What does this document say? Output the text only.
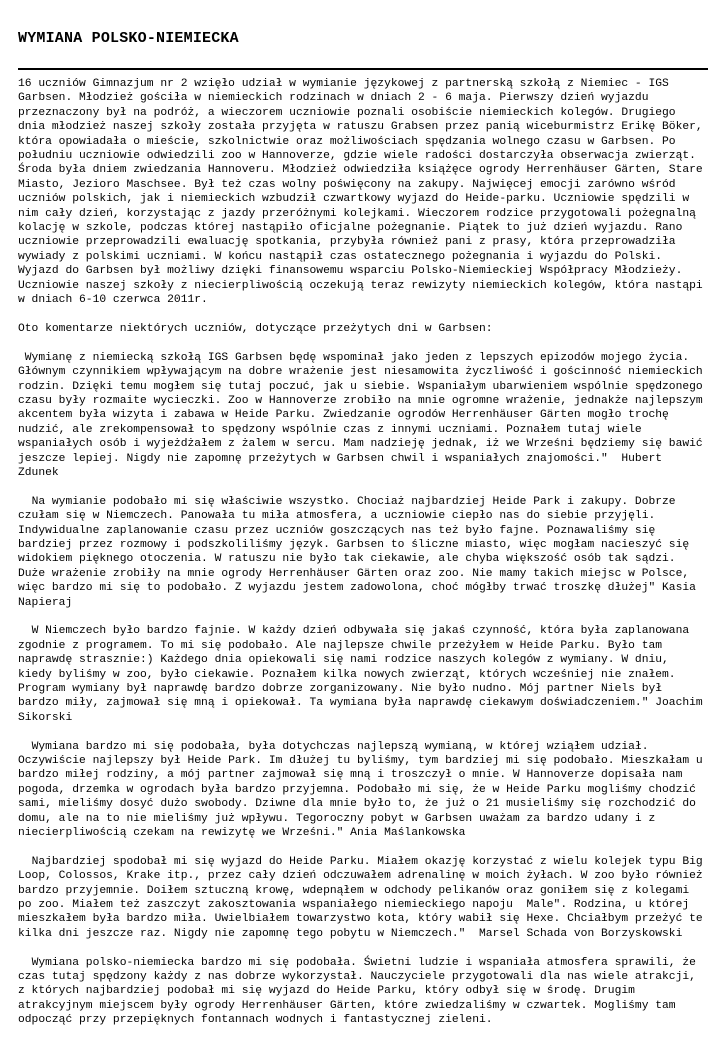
WYMIANA POLSKO-NIEMIECKA

16 uczniów Gimnazjum nr 2 wzięło udział w wymianie językowej z partnerską szkołą z Niemiec - IGS Garbsen. Młodzież gościła w niemieckich rodzinach w dniach 2 - 6 maja. Pierwszy dzień wyjazdu przeznaczony był na podróż, a wieczorem uczniowie poznali osobiście niemieckich kolegów. Drugiego dnia młodzież naszej szkoły została przyjęta w ratuszu Grabsen przez panią wiceburmistrz Erikę Böker, która opowiadała o mieście, szkolnictwie oraz możliwościach spędzania wolnego czasu w Garbsen. Po południu uczniowie odwiedzili zoo w Hannoverze, gdzie wiele radości dostarczyła obserwacja zwierząt. Środa była dniem zwiedzania Hannoveru. Młodzież odwiedziła książęce ogrody Herrenhäuser Gärten, Stare Miasto, Jezioro Maschsee. Był też czas wolny poświęcony na zakupy. Najwięcej emocji zarówno wśród uczniów polskich, jak i niemieckich wzbudził czwartkowy wyjazd do Heide-parku. Uczniowie spędzili w nim cały dzień, korzystając z jazdy przeróżnymi kolejkami. Wieczorem rodzice przygotowali pożegnalną kolację w szkole, podczas której nastąpiło oficjalne pożegnanie. Piątek to już dzień wyjazdu. Rano uczniowie przeprowadzili ewaluację spotkania, przybyła również pani z prasy, która przeprowadziła wywiady z polskimi uczniami. W końcu nastąpił czas ostatecznego pożegnania i wyjazdu do Polski. Wyjazd do Garbsen był możliwy dzięki finansowemu wsparciu Polsko-Niemieckiej Współpracy Młodzieży. Uczniowie naszej szkoły z niecierpliwością oczekują teraz rewizyty niemieckich kolegów, która nastąpi w dniach 6-10 czerwca 2011r.

Oto komentarze niektórych uczniów, dotyczące przeżytych dni w Garbsen:

Wymianę z niemiecką szkołą IGS Garbsen będę wspominał jako jeden z lepszych epizodów mojego życia. Głównym czynnikiem wpływającym na dobre wrażenie jest niesamowita życzliwość i gościnność niemieckich rodzin. Dzięki temu mogłem się tutaj poczuć, jak u siebie. Wspaniałym ubarwieniem wspólnie spędzonego czasu były rozmaite wycieczki. Zoo w Hannoverze zrobiło na mnie ogromne wrażenie, jednakże najlepszym akcentem była wizyta i zabawa w Heide Parku. Zwiedzanie ogrodów Herrenhäuser Gärten mogło trochę nudzić, ale zrekompensował to spędzony wspólnie czas z innymi uczniami. Poznałem tutaj wiele wspaniałych osób i wyjeżdżałem z żalem w sercu. Mam nadzieję jednak, iż we Wrześni będziemy się bawić jeszcze lepiej. Nigdy nie zapomnę przeżytych w Garbsen chwil i wspaniałych znajomości."  Hubert Zdunek

Na wymianie podobało mi się właściwie wszystko. Chociaż najbardziej Heide Park i zakupy. Dobrze czułam się w Niemczech. Panowała tu miła atmosfera, a uczniowie ciepło nas do siebie przyjęli. Indywidualne zaplanowanie czasu przez uczniów goszczących nas też było fajne. Poznawaliśmy się bardziej przez rozmowy i podszkoliliśmy język. Garbsen to śliczne miasto, więc mogłam nacieszyć się widokiem pięknego otoczenia. W ratuszu nie było tak ciekawie, ale chyba większość osób tak sądzi. Duże wrażenie zrobiły na mnie ogrody Herrenhäuser Gärten oraz zoo. Nie mamy takich miejsc w Polsce, więc bardzo mi się to podobało. Z wyjazdu jestem zadowolona, choć mógłby trwać troszkę dłużej" Kasia Napieraj

W Niemczech było bardzo fajnie. W każdy dzień odbywała się jakaś czynność, która była zaplanowana zgodnie z programem. To mi się podobało. Ale najlepsze chwile przeżyłem w Heide Parku. Było tam naprawdę strasznie:) Każdego dnia opiekowali się nami rodzice naszych kolegów z wymiany. W dniu, kiedy byliśmy w zoo, było ciekawie. Poznałem kilka nowych zwierząt, których wcześniej nie znałem. Program wymiany był naprawdę bardzo dobrze zorganizowany. Nie było nudno. Mój partner Niels był bardzo miły, zajmował się mną i opiekował. Ta wymiana była naprawdę ciekawym doświadczeniem." Joachim Sikorski

Wymiana bardzo mi się podobała, była dotychczas najlepszą wymianą, w której wziąłem udział. Oczywiście najlepszy był Heide Park. Im dłużej tu byliśmy, tym bardziej mi się podobało. Mieszkałam u bardzo miłej rodziny, a mój partner zajmował się mną i troszczył o mnie. W Hannoverze dopisała nam pogoda, drzemka w ogrodach była bardzo przyjemna. Podobało mi się, że w Heide Parku mogliśmy chodzić sami, mieliśmy dosyć dużo swobody. Dziwne dla mnie było to, że już o 21 musieliśmy się rozchodzić do domu, ale na to nie mieliśmy już wpływu. Tegoroczny pobyt w Garbsen uważam za bardzo udany i z niecierpliwością czekam na rewizytę we Wrześni." Ania Maślankowska

Najbardziej spodobał mi się wyjazd do Heide Parku. Miałem okazję korzystać z wielu kolejek typu Big Loop, Colossos, Krake itp., przez cały dzień odczuwałem adrenalinę w moich żyłach. W zoo było również bardzo przyjemnie. Doiłem sztuczną krowę, wdepnąłem w odchody pelikanów oraz goniłem się z kolegami po zoo. Miałem też zaszczyt zakosztowania wspaniałego niemieckiego napoju  Male". Rodzina, u której mieszkałem była bardzo miła. Uwielbiałem towarzystwo kota, który wabił się Hexe. Chciałbym przeżyć te kilka dni jeszcze raz. Nigdy nie zapomnę tego pobytu w Niemczech."  Marsel Schada von Borzyskowski

Wymiana polsko-niemiecka bardzo mi się podobała. Świetni ludzie i wspaniała atmosfera sprawili, że czas tutaj spędzony każdy z nas dobrze wykorzystał. Nauczyciele przygotowali dla nas wiele atrakcji, z których najbardziej podobał mi się wyjazd do Heide Parku, który odbył się w środę. Drugim atrakcyjnym miejscem były ogrody Herrenhäuser Gärten, które zwiedzaliśmy w czwartek. Mogliśmy tam odpocząć przy przepięknych fontannach wodnych i fantastycznej zieleni.
